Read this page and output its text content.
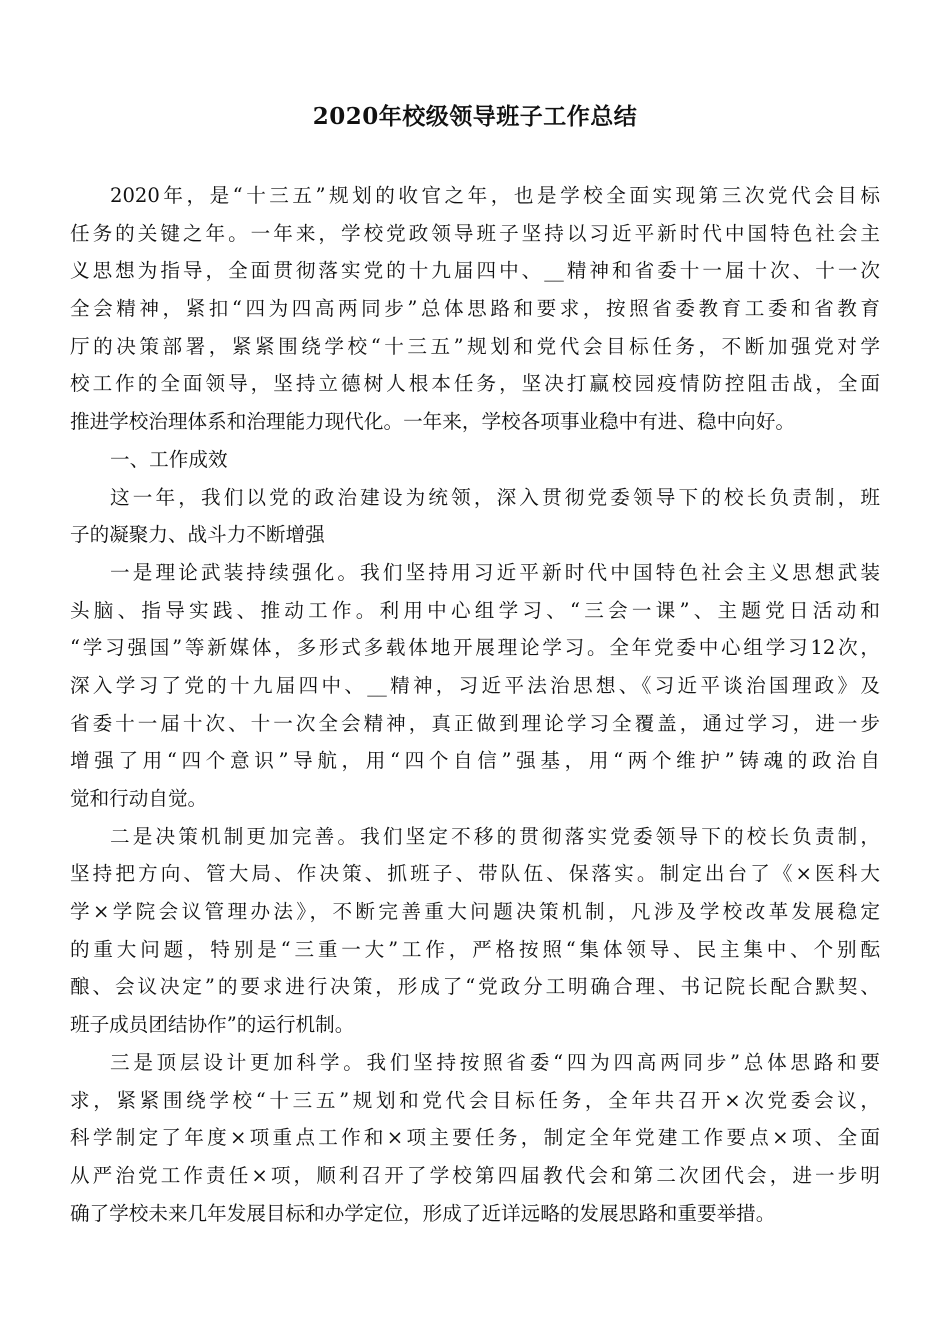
2020年校级领导班子工作总结
2020年，是“十三五”规划的收官之年，也是学校全面实现第三次党代会目标
任务的关键之年。一年来，学校党政领导班子坚持以习近平新时代中国特色社会主
义思想为指导，全面贯彻落实党的十九届四中、__精神和省委十一届十次、十一次
全会精神，紧扣“四为四高两同步”总体思路和要求，按照省委教育工委和省教育
厅的决策部署，紧紧围绕学校“十三五”规划和党代会目标任务，不断加强党对学
校工作的全面领导，坚持立德树人根本任务，坚决打赢校园疫情防控阻击战，全面
推进学校治理体系和治理能力现代化。一年来，学校各项事业稳中有进、稳中向好。
一、工作成效
这一年，我们以党的政治建设为统领，深入贯彻党委领导下的校长负责制，班
子的凝聚力、战斗力不断增强
一是理论武装持续强化。我们坚持用习近平新时代中国特色社会主义思想武装
头脑、指导实践、推动工作。利用中心组学习、“三会一课”、主题党日活动和
“学习强国”等新媒体，多形式多载体地开展理论学习。全年党委中心组学习12次，
深入学习了党的十九届四中、__精神，习近平法治思想、《习近平谈治国理政》及
省委十一届十次、十一次全会精神，真正做到理论学习全覆盖，通过学习，进一步
增强了用“四个意识”导航，用“四个自信”强基，用“两个维护”铸魂的政治自
觉和行动自觉。
二是决策机制更加完善。我们坚定不移的贯彻落实党委领导下的校长负责制，
坚持把方向、管大局、作决策、抓班子、带队伍、保落实。制定出台了《×医科大
学×学院会议管理办法》，不断完善重大问题决策机制，凡涉及学校改革发展稳定
的重大问题，特别是“三重一大”工作，严格按照“集体领导、民主集中、个别酝
酿、会议决定”的要求进行决策，形成了“党政分工明确合理、书记院长配合默契、
班子成员团结协作”的运行机制。
三是顶层设计更加科学。我们坚持按照省委“四为四高两同步”总体思路和要
求，紧紧围绕学校“十三五”规划和党代会目标任务，全年共召开×次党委会议，
科学制定了年度×项重点工作和×项主要任务，制定全年党建工作要点×项、全面
从严治党工作责任×项，顺利召开了学校第四届教代会和第二次团代会，进一步明
确了学校未来几年发展目标和办学定位，形成了近详远略的发展思路和重要举措。
